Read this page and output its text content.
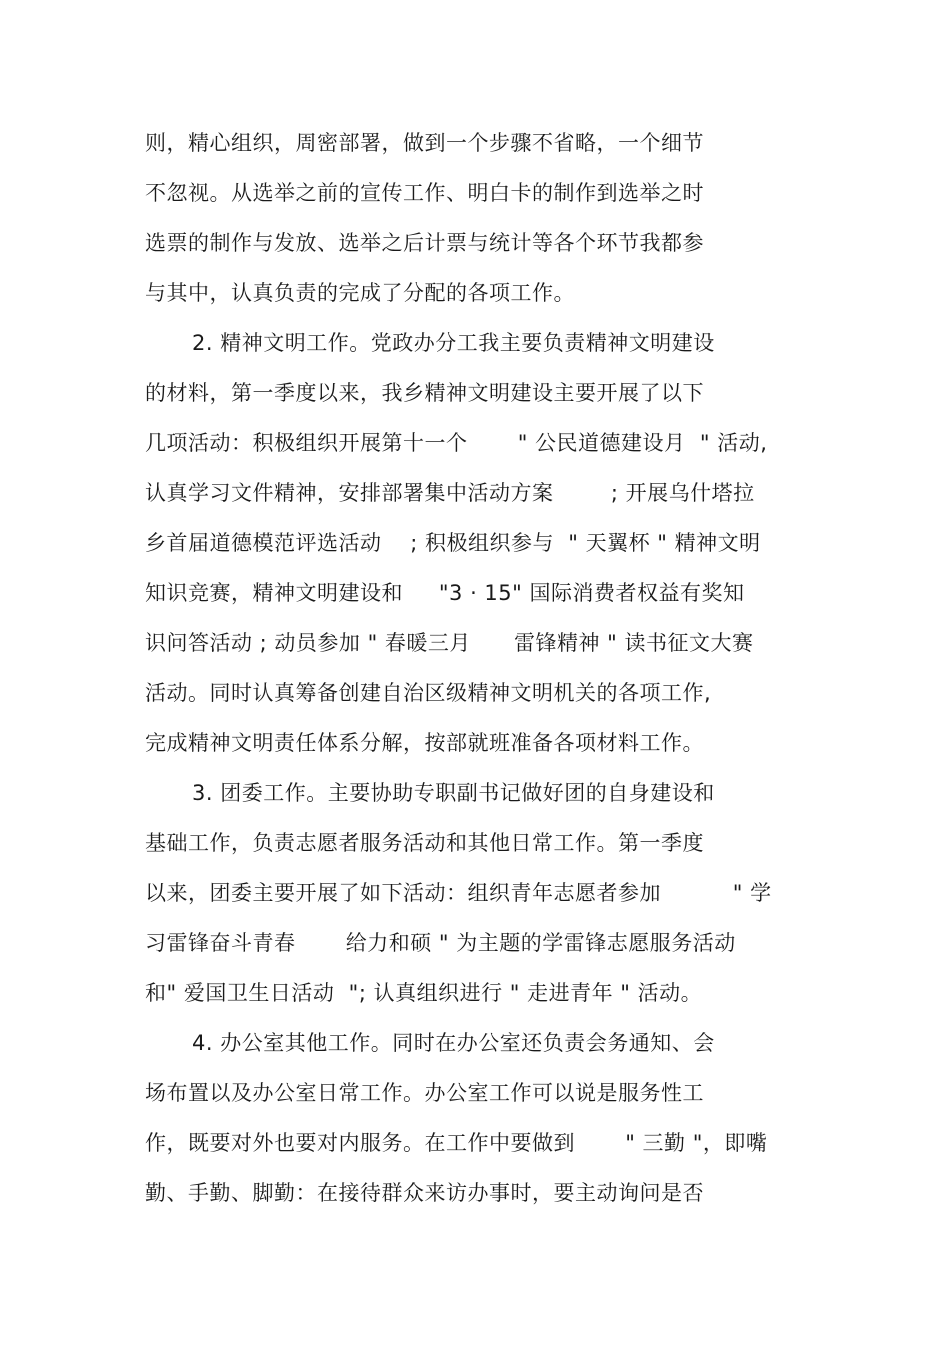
则，精心组织，周密部署，做到一个步骤不省略，一个细节

不忽视。从选举之前的宣传工作、明白卡的制作到选举之时

选票的制作与发放、选举之后计票与统计等各个环节我都参

与其中，认真负责的完成了分配的各项工作。

2. 精神文明工作。党政办分工我主要负责精神文明建设

的材料，第一季度以来，我乡精神文明建设主要开展了以下

几项活动：积极组织开展第十一个       " 公民道德建设月  " 活动,

认真学习文件精神，安排部署集中活动方案        ; 开展乌什塔拉

乡首届道德模范评选活动    ; 积极组织参与  " 天翼杯 " 精神文明

知识竞赛，精神文明建设和     "3 · 15" 国际消费者权益有奖知

识问答活动 ; 动员参加 " 春暖三月      雷锋精神 " 读书征文大赛

活动。同时认真筹备创建自治区级精神文明机关的各项工作,

完成精神文明责任体系分解，按部就班准备各项材料工作。

3. 团委工作。主要协助专职副书记做好团的自身建设和

基础工作，负责志愿者服务活动和其他日常工作。第一季度

以来，团委主要开展了如下活动：组织青年志愿者参加          " 学

习雷锋奋斗青春       给力和硕 " 为主题的学雷锋志愿服务活动

和" 爱国卫生日活动  "; 认真组织进行 " 走进青年 " 活动。

4. 办公室其他工作。同时在办公室还负责会务通知、会

场布置以及办公室日常工作。办公室工作可以说是服务性工

作，既要对外也要对内服务。在工作中要做到       " 三勤 "，即嘴

勤、手勤、脚勤：在接待群众来访办事时，要主动询问是否
